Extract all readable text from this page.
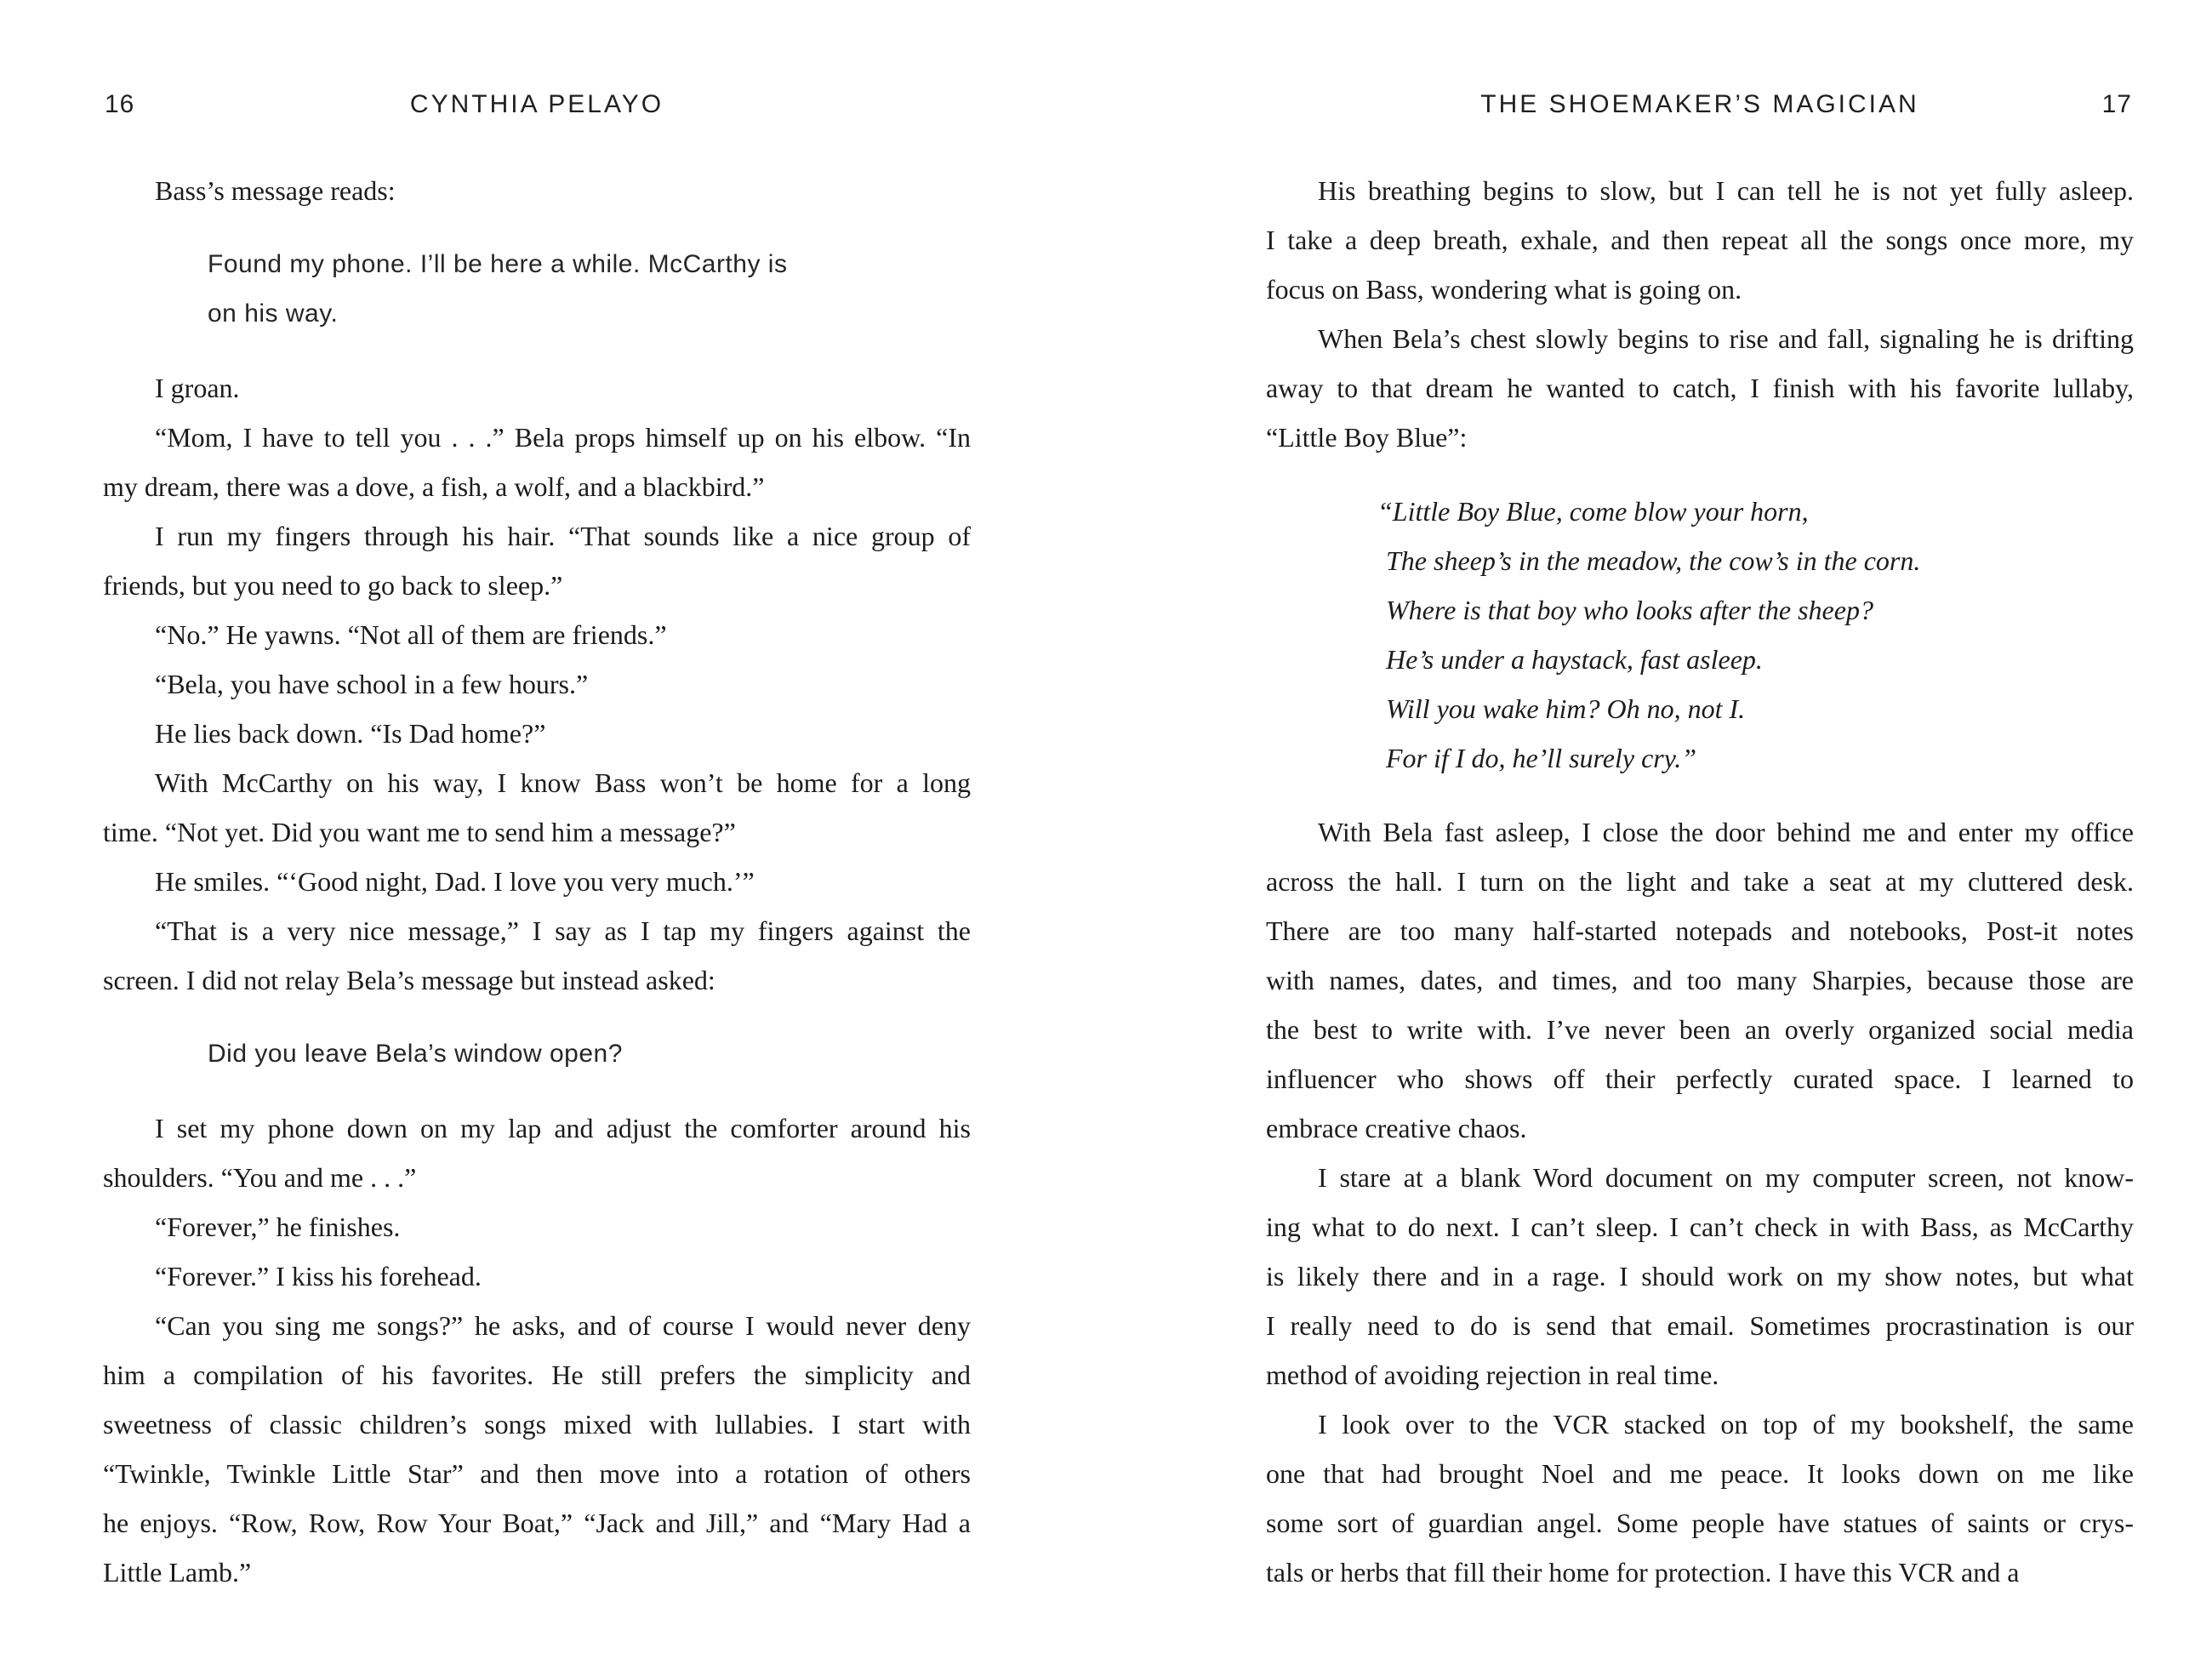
16	CYNTHIA PELAYO
Bass’s message reads:
Found my phone. I’ll be here a while. McCarthy is
on his way.
I groan.
“Mom, I have to tell you . . .” Bela props himself up on his elbow. “In
my dream, there was a dove, a fish, a wolf, and a blackbird.”
I run my fingers through his hair. “That sounds like a nice group of
friends, but you need to go back to sleep.”
“No.” He yawns. “Not all of them are friends.”
“Bela, you have school in a few hours.”
He lies back down. “Is Dad home?”
With McCarthy on his way, I know Bass won’t be home for a long
time. “Not yet. Did you want me to send him a message?”
He smiles. “‘Good night, Dad. I love you very much.’”
“That is a very nice message,” I say as I tap my fingers against the
screen. I did not relay Bela’s message but instead asked:
Did you leave Bela’s window open?
I set my phone down on my lap and adjust the comforter around his
shoulders. “You and me . . .”
“Forever,” he finishes.
“Forever.” I kiss his forehead.
“Can you sing me songs?” he asks, and of course I would never deny
him a compilation of his favorites. He still prefers the simplicity and
sweetness of classic children’s songs mixed with lullabies. I start with
“Twinkle, Twinkle Little Star” and then move into a rotation of others
he enjoys. “Row, Row, Row Your Boat,” “Jack and Jill,” and “Mary Had a
Little Lamb.”
THE SHOEMAKER’S MAGICIAN	17
His breathing begins to slow, but I can tell he is not yet fully asleep.
I take a deep breath, exhale, and then repeat all the songs once more, my
focus on Bass, wondering what is going on.
When Bela’s chest slowly begins to rise and fall, signaling he is drifting
away to that dream he wanted to catch, I finish with his favorite lullaby,
“Little Boy Blue”:
“Little Boy Blue, come blow your horn,
The sheep’s in the meadow, the cow’s in the corn.
Where is that boy who looks after the sheep?
He’s under a haystack, fast asleep.
Will you wake him? Oh no, not I.
For if I do, he’ll surely cry.”
With Bela fast asleep, I close the door behind me and enter my office
across the hall. I turn on the light and take a seat at my cluttered desk.
There are too many half-started notepads and notebooks, Post-it notes
with names, dates, and times, and too many Sharpies, because those are
the best to write with. I’ve never been an overly organized social media
influencer who shows off their perfectly curated space. I learned to
embrace creative chaos.
I stare at a blank Word document on my computer screen, not know-
ing what to do next. I can’t sleep. I can’t check in with Bass, as McCarthy
is likely there and in a rage. I should work on my show notes, but what
I really need to do is send that email. Sometimes procrastination is our
method of avoiding rejection in real time.
I look over to the VCR stacked on top of my bookshelf, the same
one that had brought Noel and me peace. It looks down on me like
some sort of guardian angel. Some people have statues of saints or crys-
tals or herbs that fill their home for protection. I have this VCR and a
